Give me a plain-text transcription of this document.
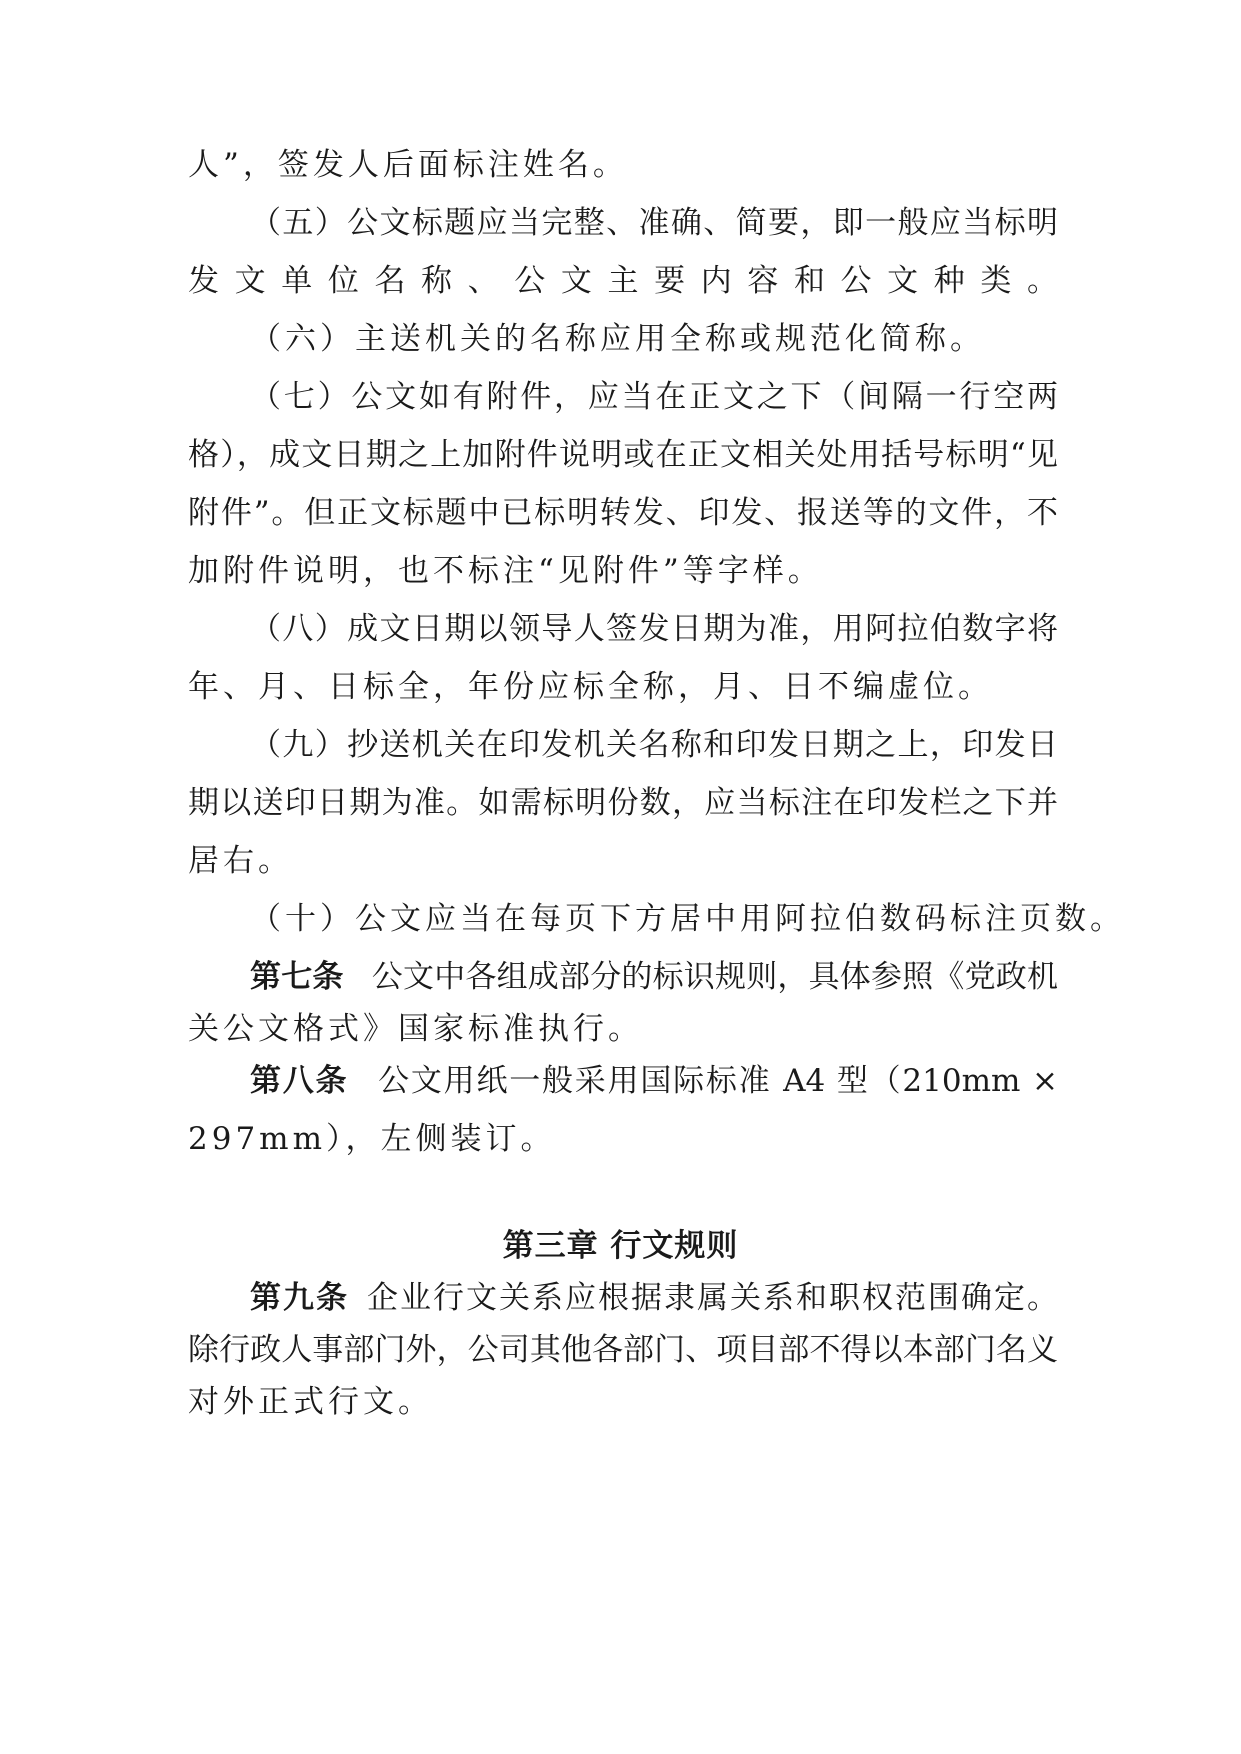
人”，签发人后面标注姓名。
（五）公文标题应当完整、准确、简要，即一般应当标明
发文单位名称、公文主要内容和公文种类。
（六）主送机关的名称应用全称或规范化简称。
（七）公文如有附件，应当在正文之下（间隔一行空两
格），成文日期之上加附件说明或在正文相关处用括号标明“见
附件”。但正文标题中已标明转发、印发、报送等的文件，不
加附件说明，也不标注“见附件”等字样。
（八）成文日期以领导人签发日期为准，用阿拉伯数字将
年、月、日标全，年份应标全称，月、日不编虚位。
（九）抄送机关在印发机关名称和印发日期之上，印发日
期以送印日期为准。如需标明份数，应当标注在印发栏之下并
居右。
（十）公文应当在每页下方居中用阿拉伯数码标注页数。
第七条 公文中各组成部分的标识规则，具体参照《党政机
关公文格式》国家标准执行。
第八条 公文用纸一般采用国际标准 A4 型（210mm ×
297mm），左侧装订。
第三章 行文规则
第九条 企业行文关系应根据隶属关系和职权范围确定。
除行政人事部门外，公司其他各部门、项目部不得以本部门名义
对外正式行文。
